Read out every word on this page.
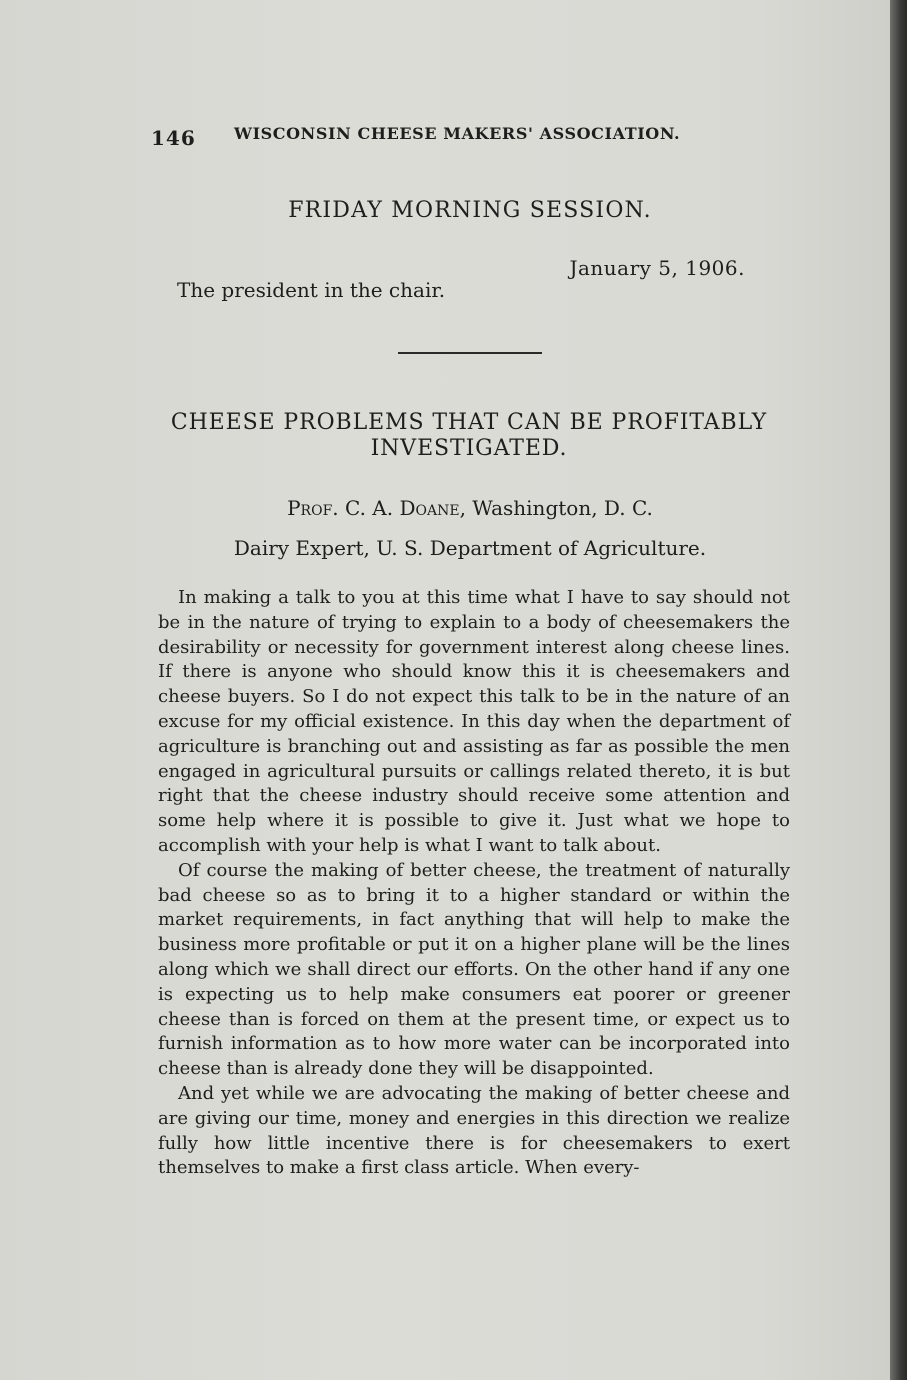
146 WISCONSIN CHEESE MAKERS' ASSOCIATION.
FRIDAY MORNING SESSION.
January 5, 1906.
The president in the chair.
CHEESE PROBLEMS THAT CAN BE PROFITABLY INVESTIGATED.
Prof. C. A. Doane, Washington, D. C.
Dairy Expert, U. S. Department of Agriculture.

In making a talk to you at this time what I have to say should not be in the nature of trying to explain to a body of cheesemakers the desirability or necessity for government interest along cheese lines. If there is anyone who should know this it is cheesemakers and cheese buyers. So I do not expect this talk to be in the nature of an excuse for my official existence. In this day when the department of agriculture is branching out and assisting as far as possible the men engaged in agricultural pursuits or callings related thereto, it is but right that the cheese industry should receive some attention and some help where it is possible to give it. Just what we hope to accomplish with your help is what I want to talk about.

Of course the making of better cheese, the treatment of naturally bad cheese so as to bring it to a higher standard or within the market requirements, in fact anything that will help to make the business more profitable or put it on a higher plane will be the lines along which we shall direct our efforts. On the other hand if any one is expecting us to help make consumers eat poorer or greener cheese than is forced on them at the present time, or expect us to furnish information as to how more water can be incorporated into cheese than is already done they will be disappointed.

And yet while we are advocating the making of better cheese and are giving our time, money and energies in this direction we realize fully how little incentive there is for cheesemakers to exert themselves to make a first class article. When every-
